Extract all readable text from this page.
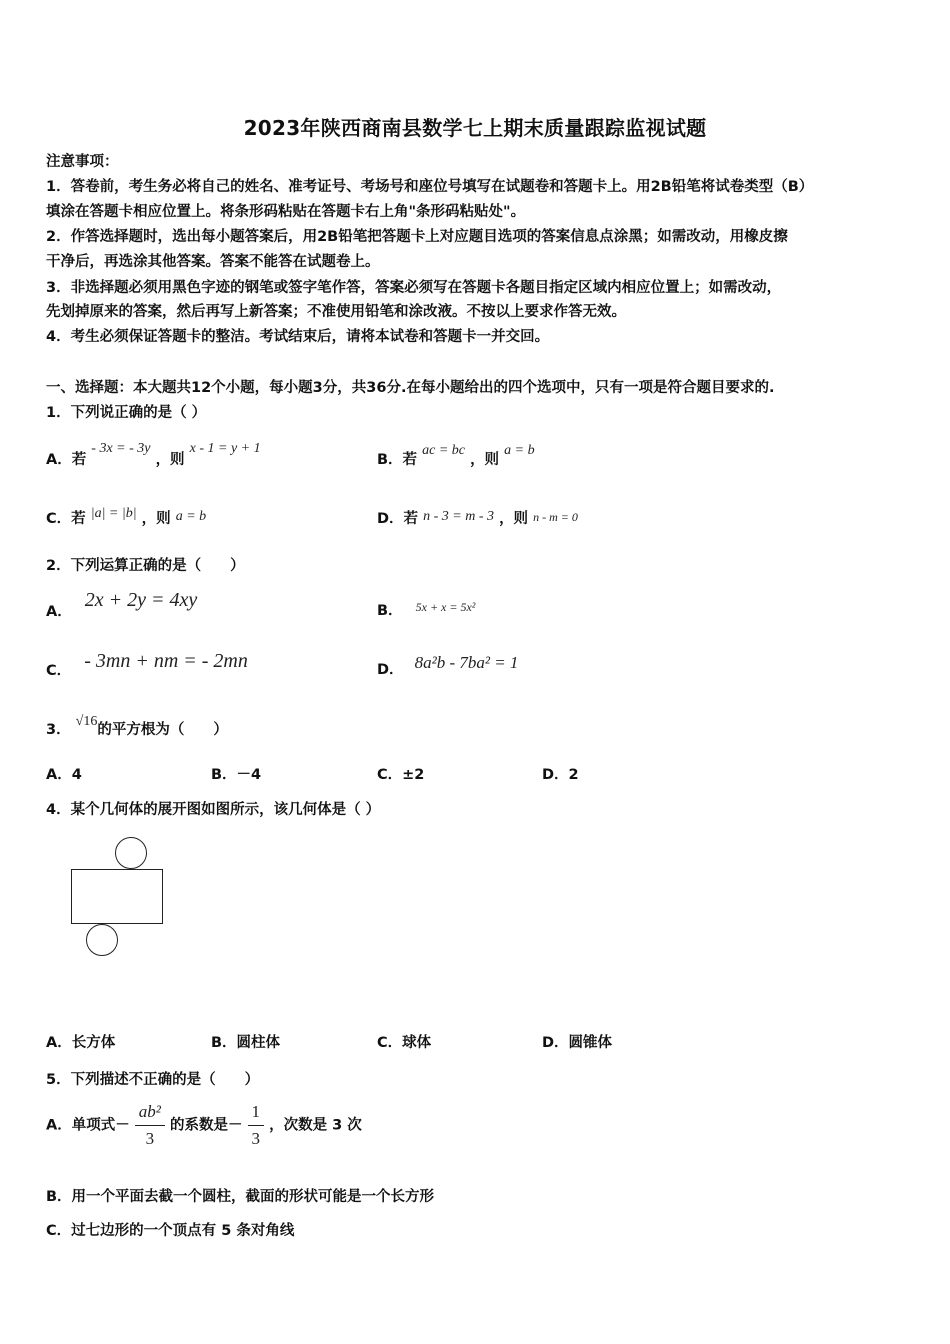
2023年陕西商南县数学七上期末质量跟踪监视试题
注意事项：
1．答卷前，考生务必将自己的姓名、准考证号、考场号和座位号填写在试题卷和答题卡上。用2B铅笔将试卷类型（B）
填涂在答题卡相应位置上。将条形码粘贴在答题卡右上角"条形码粘贴处"。
2．作答选择题时，选出每小题答案后，用2B铅笔把答题卡上对应题目选项的答案信息点涂黑；如需改动，用橡皮擦
干净后，再选涂其他答案。答案不能答在试题卷上。
3．非选择题必须用黑色字迹的钢笔或签字笔作答，答案必须写在答题卡各题目指定区域内相应位置上；如需改动，
先划掉原来的答案，然后再写上新答案；不准使用铅笔和涂改液。不按以上要求作答无效。
4．考生必须保证答题卡的整洁。考试结束后，请将本试卷和答题卡一并交回。
一、选择题：本大题共12个小题，每小题3分，共36分.在每小题给出的四个选项中，只有一项是符合题目要求的.
1．下列说正确的是（ ）
A．若 - 3x = - 3y ，则 x - 1 = y + 1
B．若 ac = bc ，则 a = b
C．若 |a| = |b| ，则 a = b	D．若 n - 3 = m - 3 ，则 n - m = 0
2．下列运算正确的是（　　）
A． 2x + 2y = 4xy	B． $^{5x + x = 5x^2}$
C． - 3mn + nm = - 2mn	D． 8a²b - 7ba² = 1
3． √16的平方根为（　　）
A．4	B．－4	C．±2	D．2
4．某个几何体的展开图如图所示，该几何体是（ ）
A．长方体	B．圆柱体	C．球体	D．圆锥体
5．下列描述不正确的是（　　）
A．单项式－ $\frac{\text{ab²}}{3}$ 的系数是－ $\frac{1}{3}$ ，次数是 3 次
B．用一个平面去截一个圆柱，截面的形状可能是一个长方形
C．过七边形的一个顶点有 5 条对角线
